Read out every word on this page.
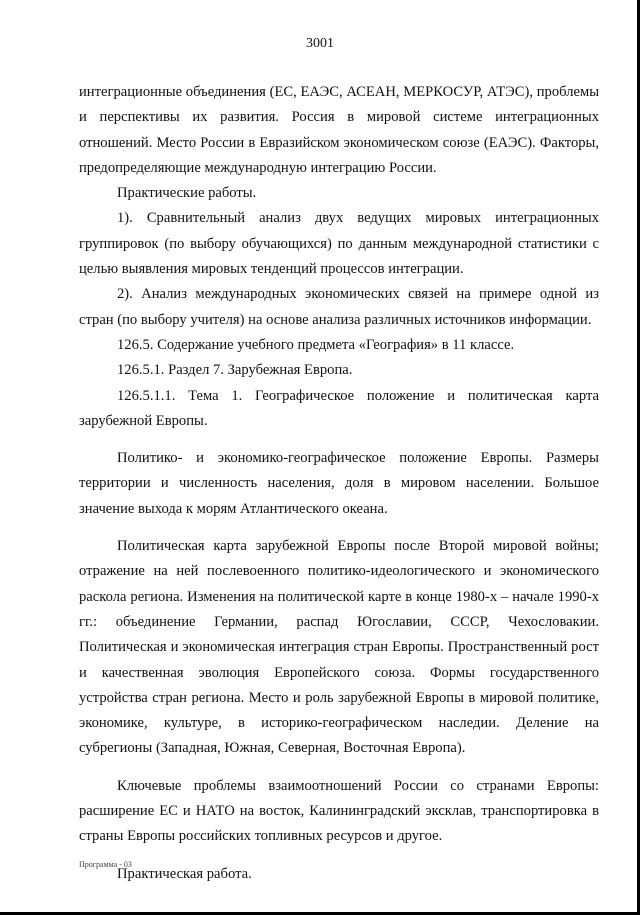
3001

интеграционные объединения (ЕС, ЕАЭС, АСЕАН, МЕРКОСУР, АТЭС), проблемы и перспективы их развития. Россия в мировой системе интеграционных отношений. Место России в Евразийском экономическом союзе (ЕАЭС). Факторы, предопределяющие международную интеграцию России.

Практические работы.

1). Сравнительный анализ двух ведущих мировых интеграционных группировок (по выбору обучающихся) по данным международной статистики с целью выявления мировых тенденций процессов интеграции.

2). Анализ международных экономических связей на примере одной из стран (по выбору учителя) на основе анализа различных источников информации.

126.5. Содержание учебного предмета «География» в 11 классе.

126.5.1. Раздел 7. Зарубежная Европа.

126.5.1.1. Тема 1. Географическое положение и политическая карта зарубежной Европы.

Политико- и экономико-географическое положение Европы. Размеры территории и численность населения, доля в мировом населении. Большое значение выхода к морям Атлантического океана.

Политическая карта зарубежной Европы после Второй мировой войны; отражение на ней послевоенного политико-идеологического и экономического раскола региона. Изменения на политической карте в конце 1980-х – начале 1990-х гг.: объединение Германии, распад Югославии, СССР, Чехословакии. Политическая и экономическая интеграция стран Европы. Пространственный рост и качественная эволюция Европейского союза. Формы государственного устройства стран региона. Место и роль зарубежной Европы в мировой политике, экономике, культуре, в историко-географическом наследии. Деление на субрегионы (Западная, Южная, Северная, Восточная Европа).

Ключевые проблемы взаимоотношений России со странами Европы: расширение ЕС и НАТО на восток, Калининградский эксклав, транспортировка в страны Европы российских топливных ресурсов и другое.

Практическая работа.

Программа - 03
